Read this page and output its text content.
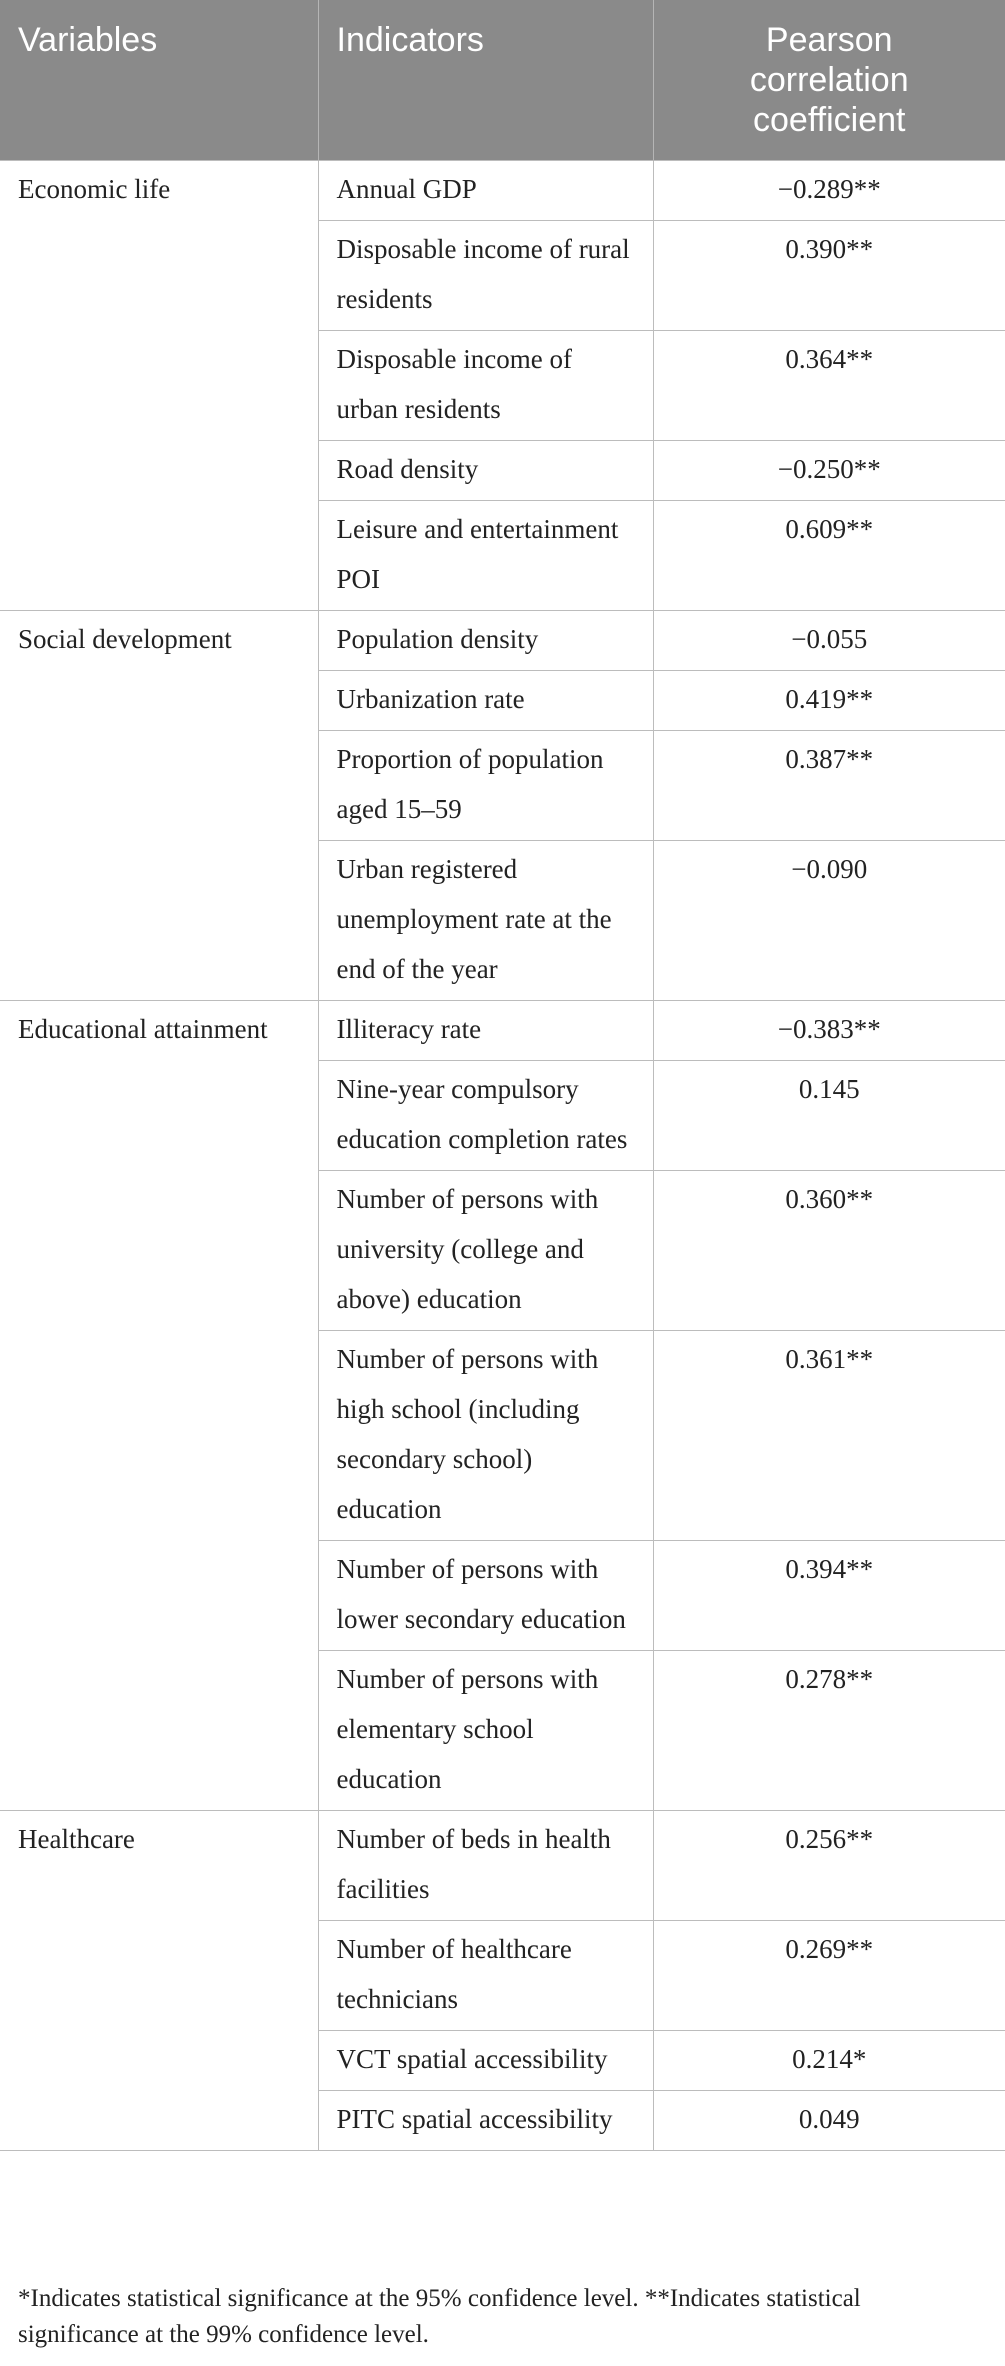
Variables	Indicators	Pearson
correlation
coefficient
Economic life	Annual GDP	−0.289**
	Disposable income of rural residents	0.390**
	Disposable income of urban residents	0.364**
	Road density	−0.250**
	Leisure and entertainment POI	0.609**
Social development	Population density	−0.055
	Urbanization rate	0.419**
	Proportion of population aged 15–59	0.387**
	Urban registered unemployment rate at the end of the year	−0.090
Educational attainment	Illiteracy rate	−0.383**
	Nine-year compulsory education completion rates	0.145
	Number of persons with university (college and above) education	0.360**
	Number of persons with high school (including secondary school) education	0.361**
	Number of persons with lower secondary education	0.394**
	Number of persons with elementary school education	0.278**
Healthcare	Number of beds in health facilities	0.256**
	Number of healthcare technicians	0.269**
	VCT spatial accessibility	0.214*
	PITC spatial accessibility	0.049
*Indicates statistical significance at the 95% confidence level. **Indicates statistical significance at the 99% confidence level.
